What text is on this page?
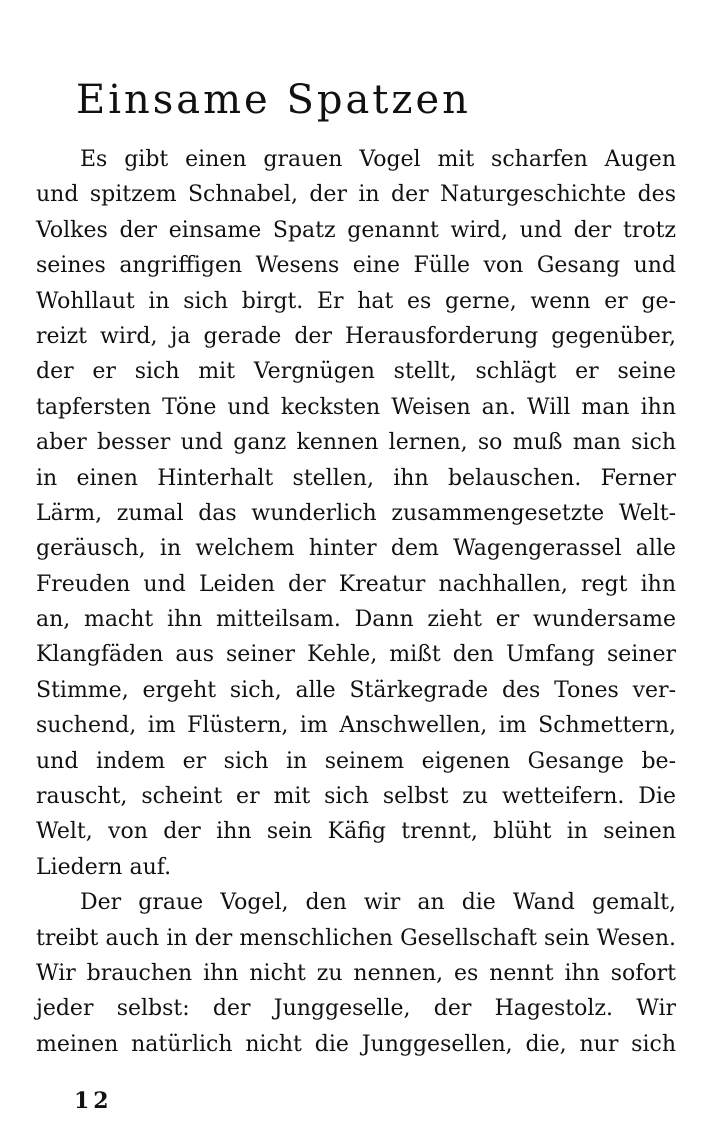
Einsame Spatzen
Es gibt einen grauen Vogel mit scharfen Augen
und spitzem Schnabel, der in der Naturgeschichte des
Volkes der einsame Spatz genannt wird, und der trotz
seines angriffigen Wesens eine Fülle von Gesang und
Wohllaut in sich birgt. Er hat es gerne, wenn er ge-
reizt wird, ja gerade der Herausforderung gegenüber,
der er sich mit Vergnügen stellt, schlägt er seine
tapfersten Töne und kecksten Weisen an. Will man ihn
aber besser und ganz kennen lernen, so muß man sich
in einen Hinterhalt stellen, ihn belauschen. Ferner
Lärm, zumal das wunderlich zusammengesetzte Welt-
geräusch, in welchem hinter dem Wagengerassel alle
Freuden und Leiden der Kreatur nachhallen, regt ihn
an, macht ihn mitteilsam. Dann zieht er wundersame
Klangfäden aus seiner Kehle, mißt den Umfang seiner
Stimme, ergeht sich, alle Stärkegrade des Tones ver-
suchend, im Flüstern, im Anschwellen, im Schmettern,
und indem er sich in seinem eigenen Gesange be-
rauscht, scheint er mit sich selbst zu wetteifern. Die
Welt, von der ihn sein Käfig trennt, blüht in seinen
Liedern auf.
Der graue Vogel, den wir an die Wand gemalt,
treibt auch in der menschlichen Gesellschaft sein Wesen.
Wir brauchen ihn nicht zu nennen, es nennt ihn sofort
jeder selbst: der Junggeselle, der Hagestolz. Wir
meinen natürlich nicht die Junggesellen, die, nur sich
12
